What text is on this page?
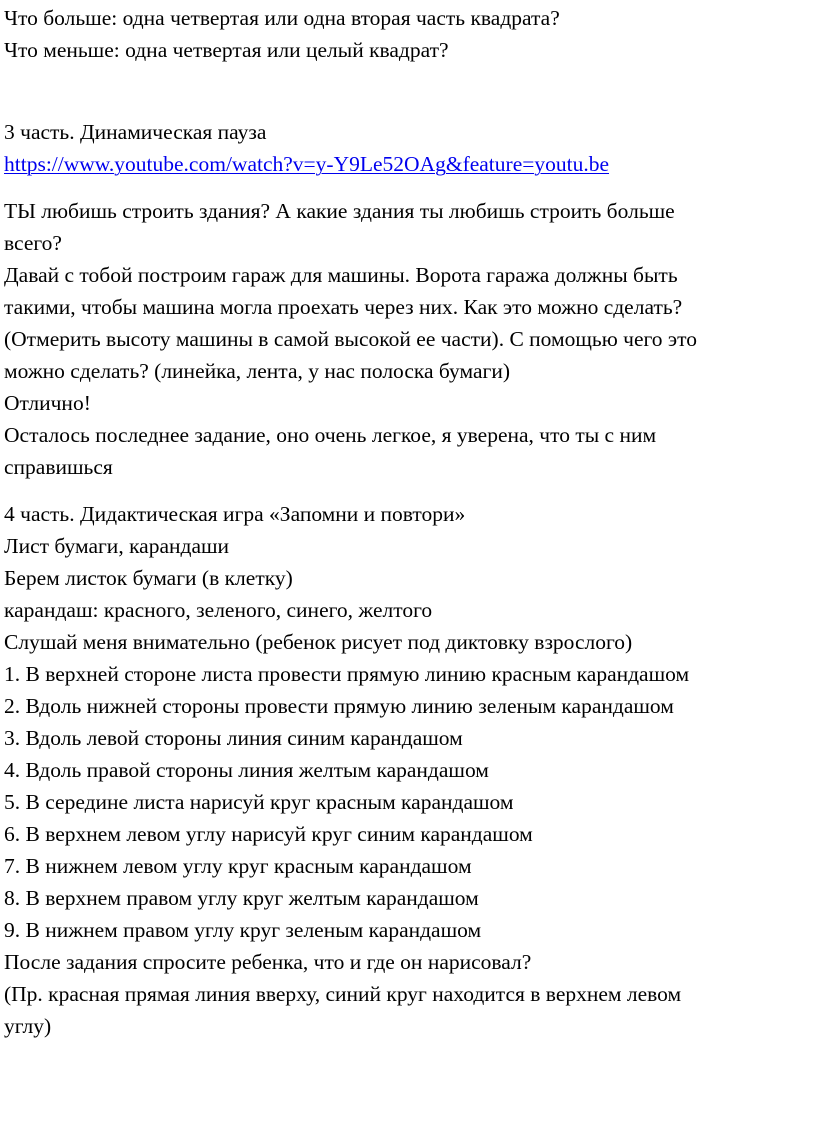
Что больше: одна четвертая или одна вторая часть квадрата?
Что меньше: одна четвертая или целый квадрат?
3 часть. Динамическая пауза
https://www.youtube.com/watch?v=y-Y9Le52OAg&feature=youtu.be
ТЫ любишь строить здания? А какие здания ты любишь строить больше
всего?
Давай с тобой построим гараж для машины. Ворота гаража должны быть
такими, чтобы машина могла проехать через них. Как это можно сделать?
(Отмерить высоту машины в самой высокой ее части). С помощью чего это
можно сделать? (линейка, лента, у нас полоска бумаги)
Отлично!
Осталось последнее задание, оно очень легкое, я уверена, что ты с ним
справишься
4 часть. Дидактическая игра «Запомни и повтори»
Лист бумаги, карандаши
Берем листок бумаги (в клетку)
карандаш: красного, зеленого, синего, желтого
Слушай меня внимательно (ребенок рисует под диктовку взрослого)
1. В верхней стороне листа провести прямую линию красным карандашом
2. Вдоль нижней стороны провести прямую линию зеленым карандашом
3. Вдоль левой стороны линия синим карандашом
4. Вдоль правой стороны линия желтым карандашом
5. В середине листа нарисуй круг красным карандашом
6. В верхнем левом углу нарисуй круг синим карандашом
7. В нижнем левом углу круг красным карандашом
8. В верхнем правом углу круг желтым карандашом
9. В нижнем правом углу круг зеленым карандашом
После задания спросите ребенка, что и где он нарисовал?
(Пр. красная прямая линия вверху, синий круг находится в верхнем левом
углу)
